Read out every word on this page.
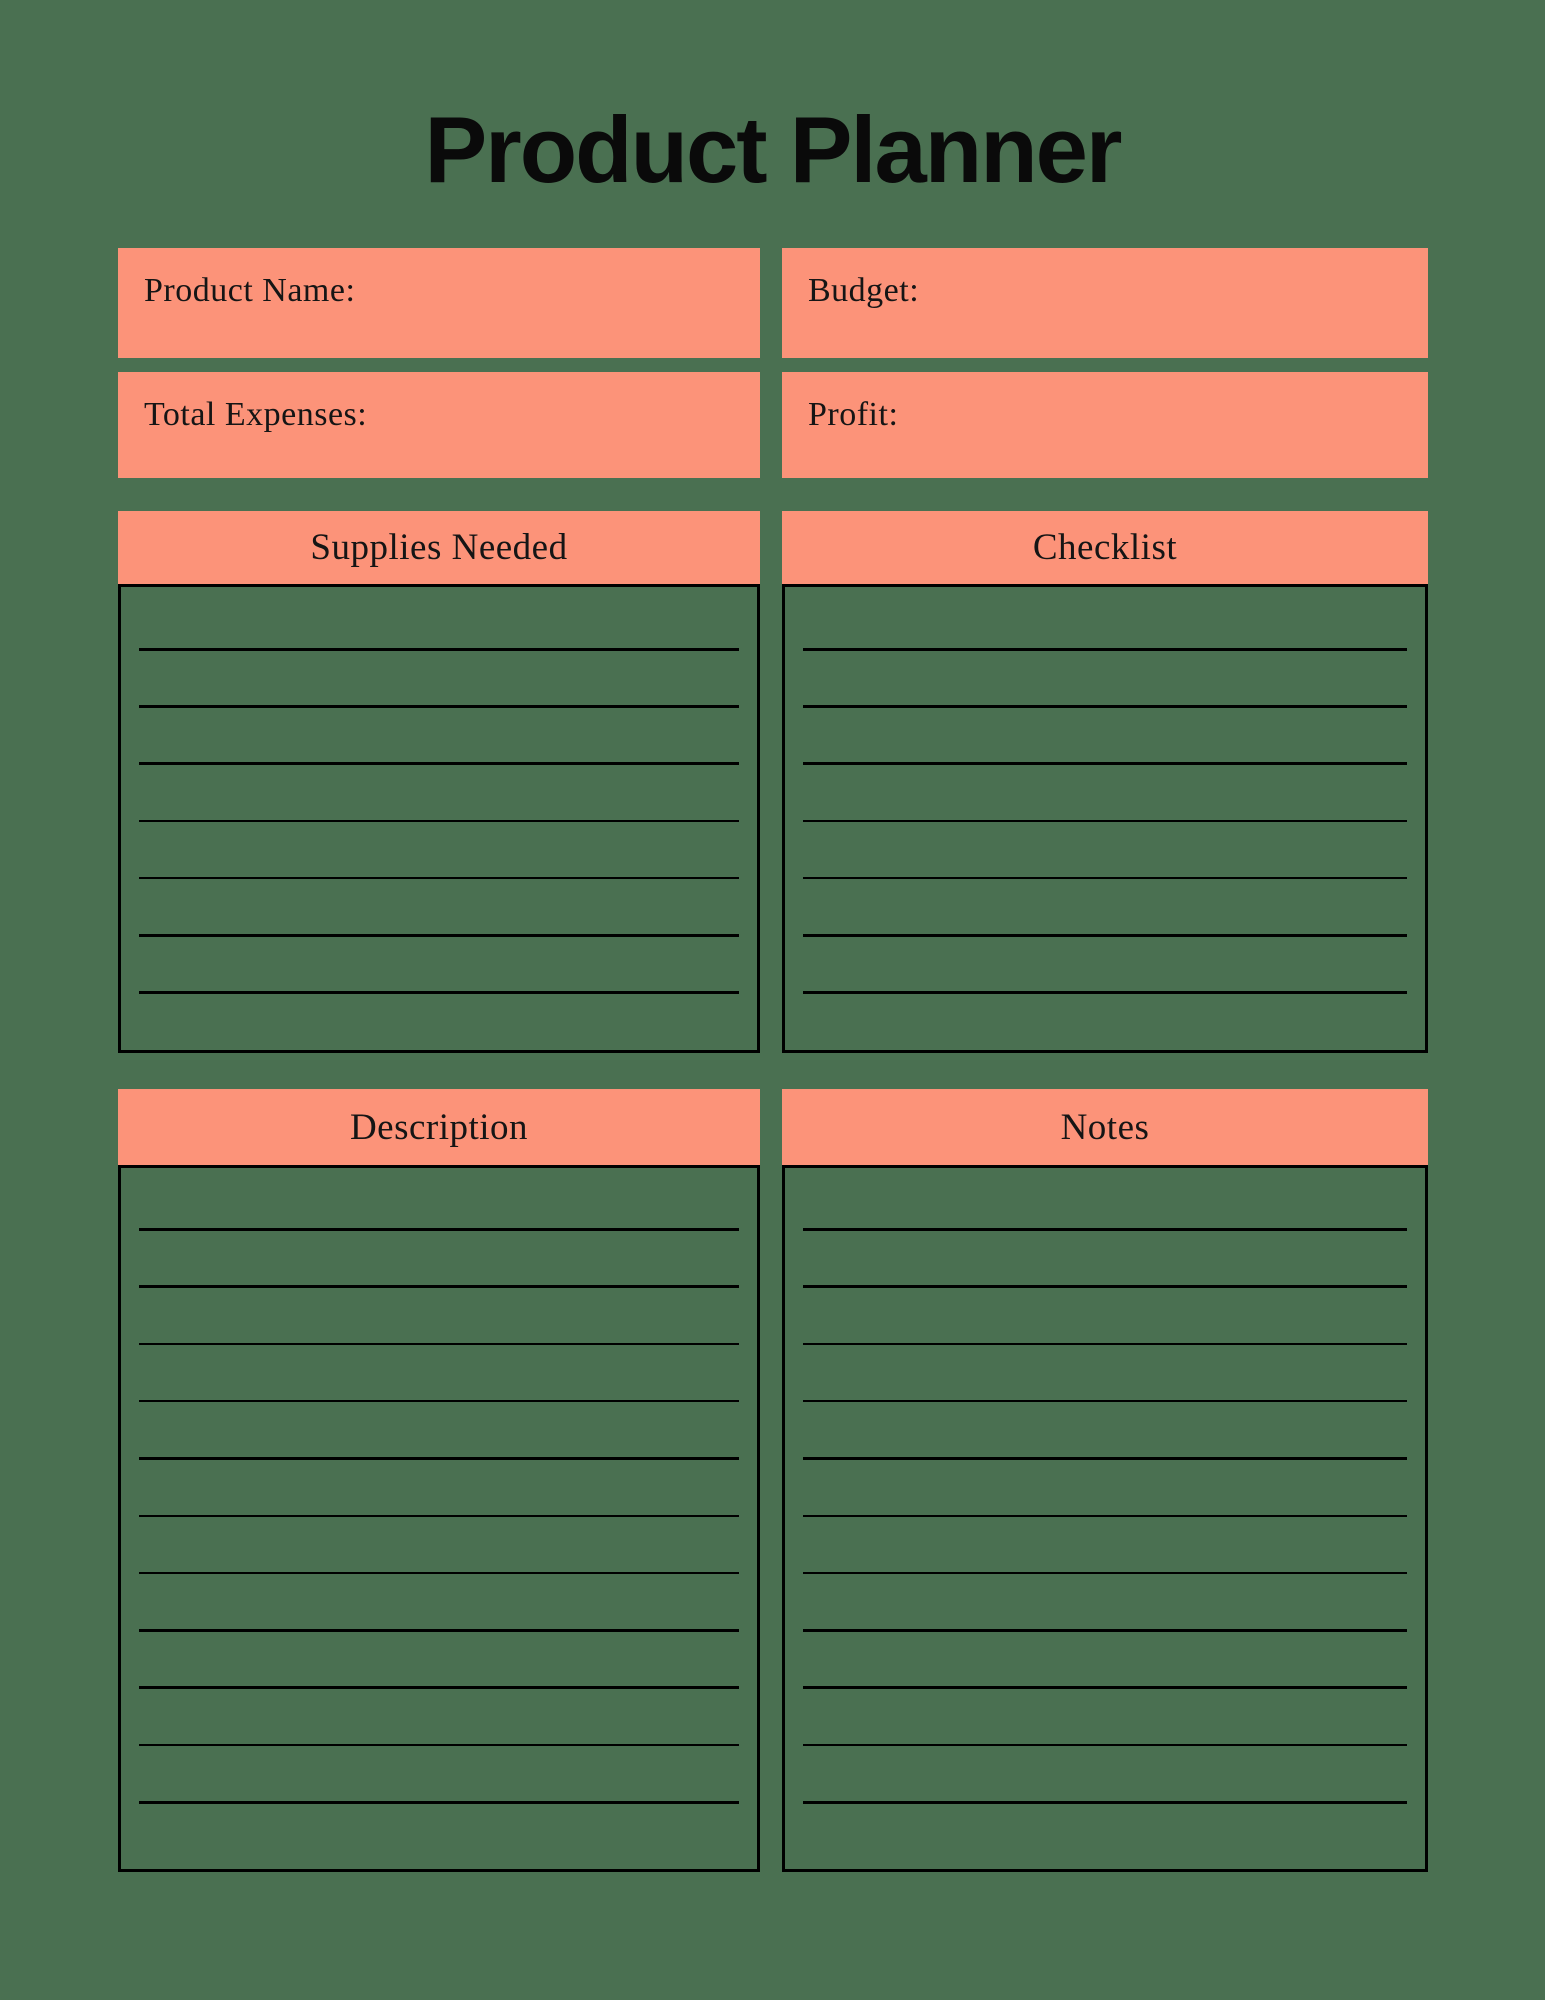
Product Planner
Product Name:	Budget:
Total Expenses:	Profit:
Supplies Needed	Checklist
Description	Notes
